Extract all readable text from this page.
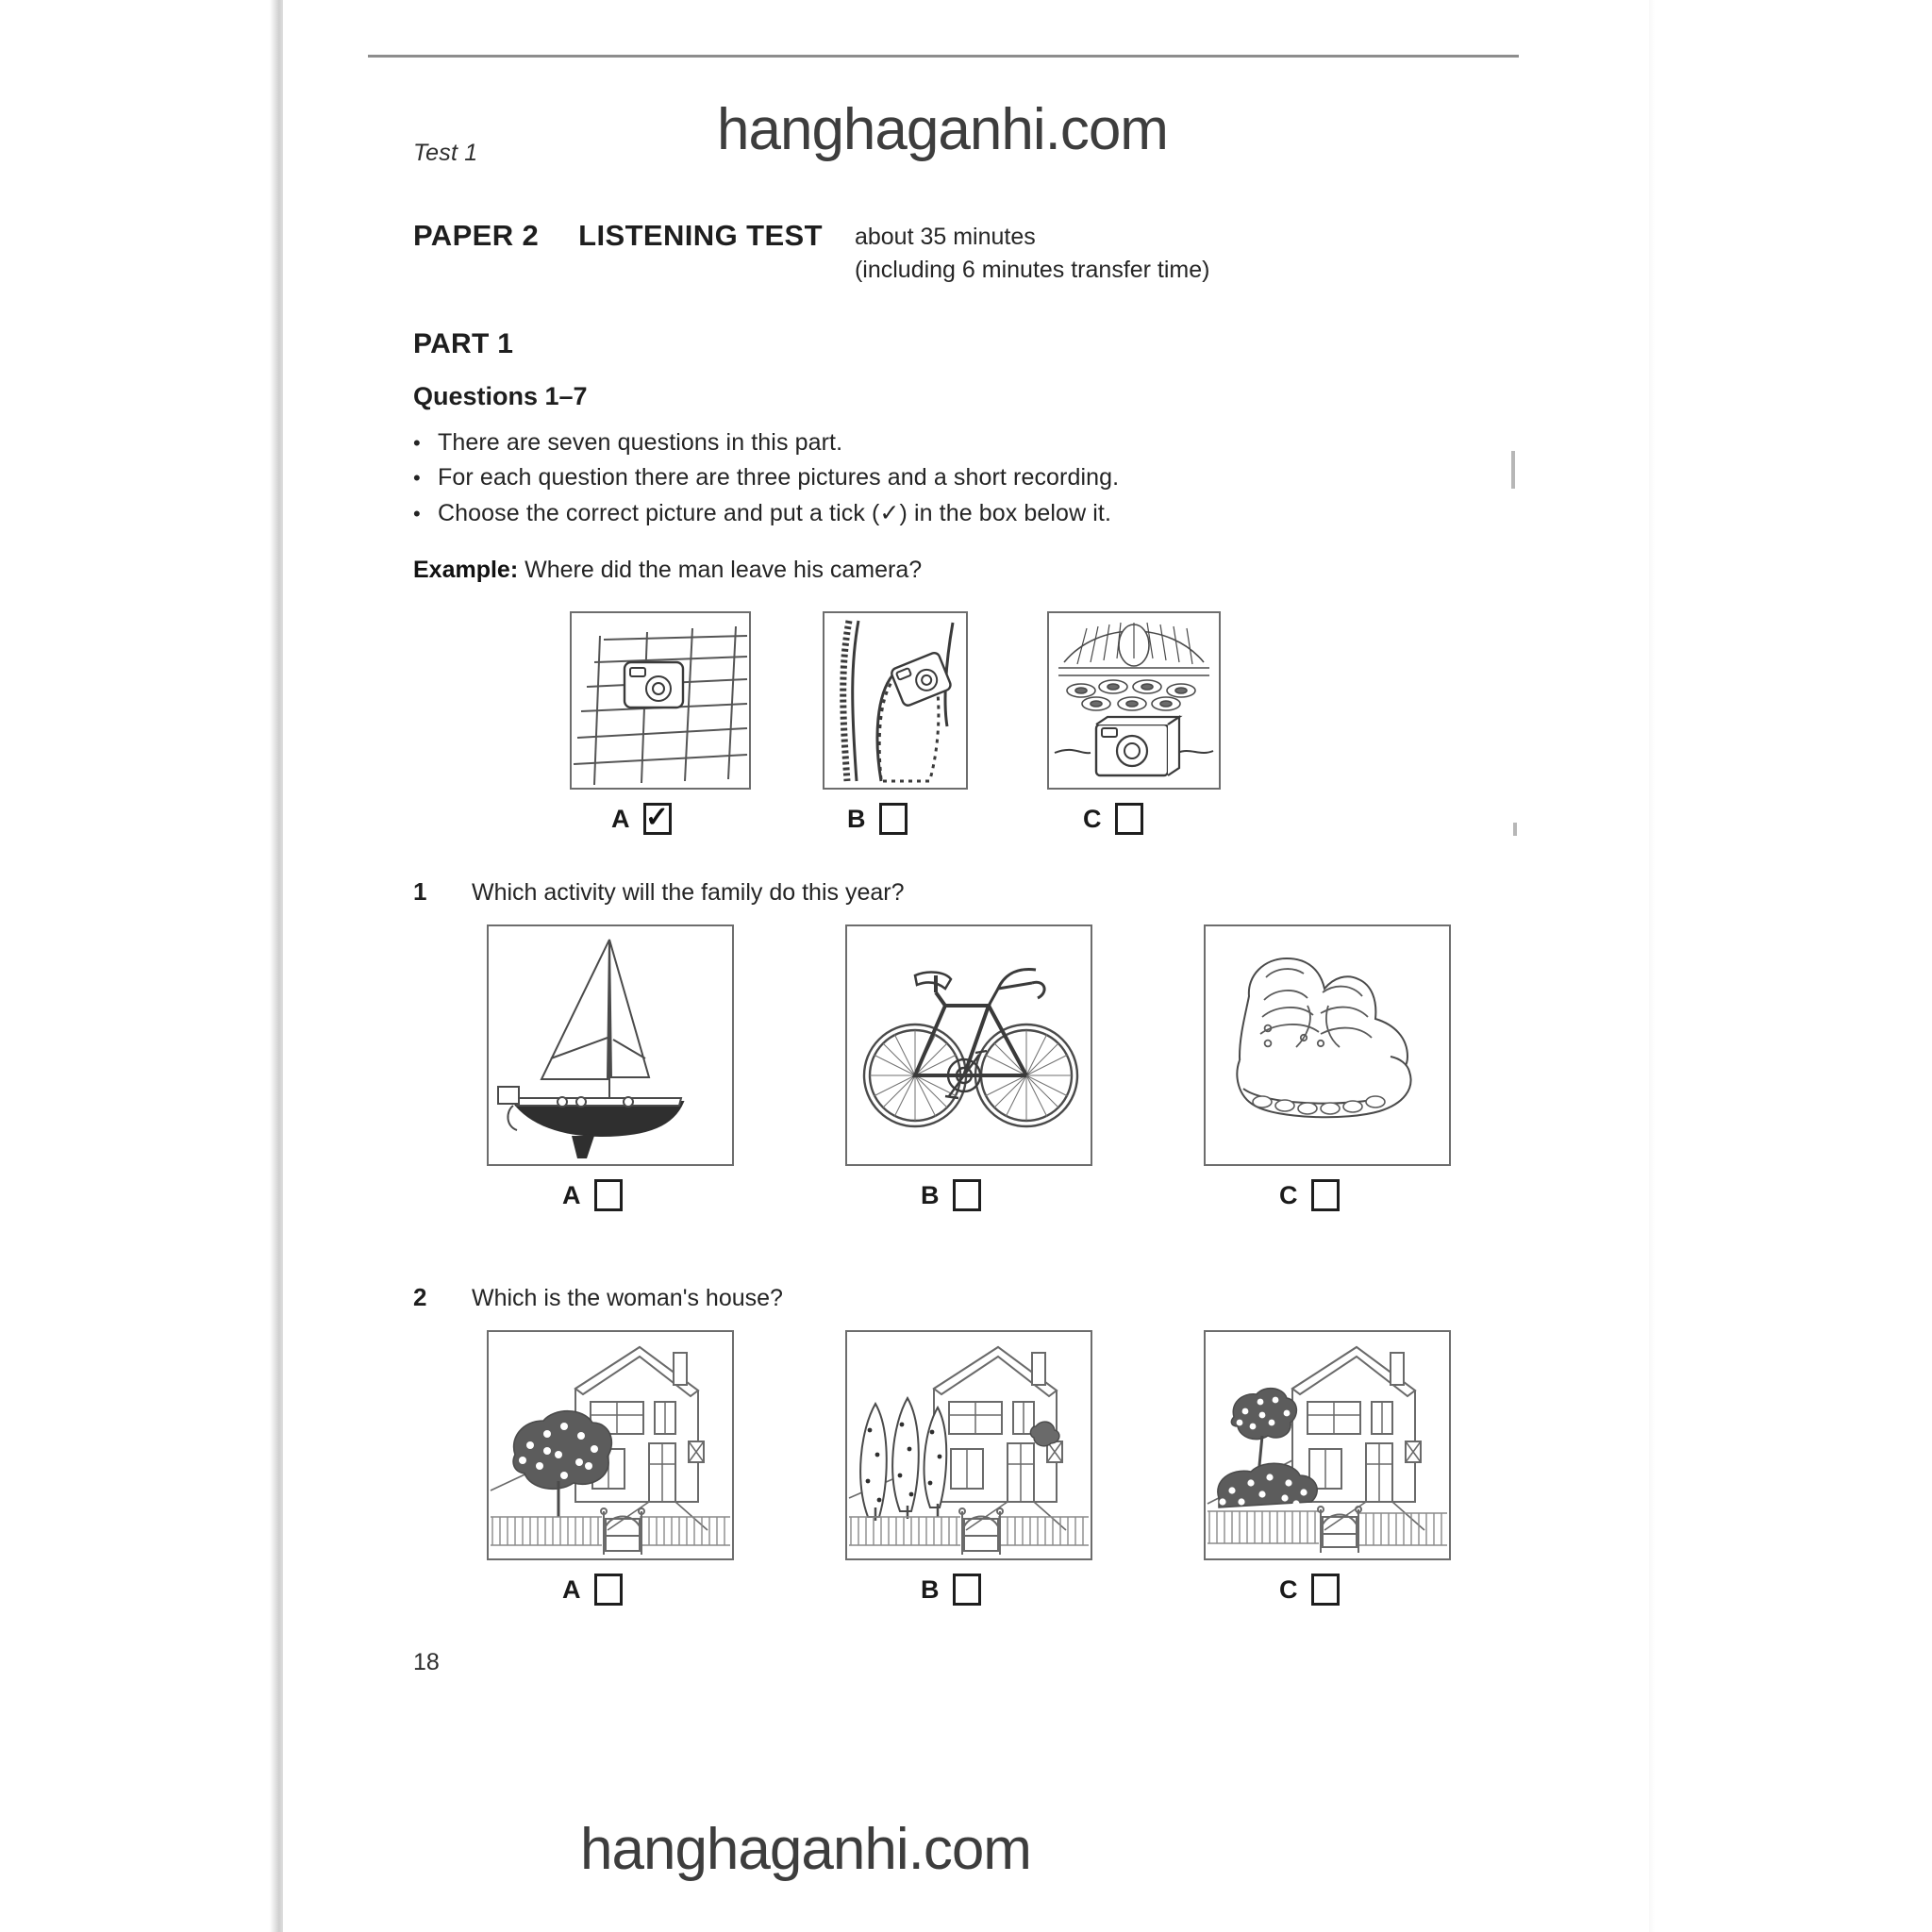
Test 1	hanghaganhi.com
PAPER 2 LISTENING TEST about 35 minutes
(including 6 minutes transfer time)
PART 1
Questions 1–7
• There are seven questions in this part.
• For each question there are three pictures and a short recording.
• Choose the correct picture and put a tick (✓) in the box below it.
Example: Where did the man leave his camera?
A ✓	B	C
1	Which activity will the family do this year?
A	B	C
2	Which is the woman's house?
A	B	C
18
hanghaganhi.com
